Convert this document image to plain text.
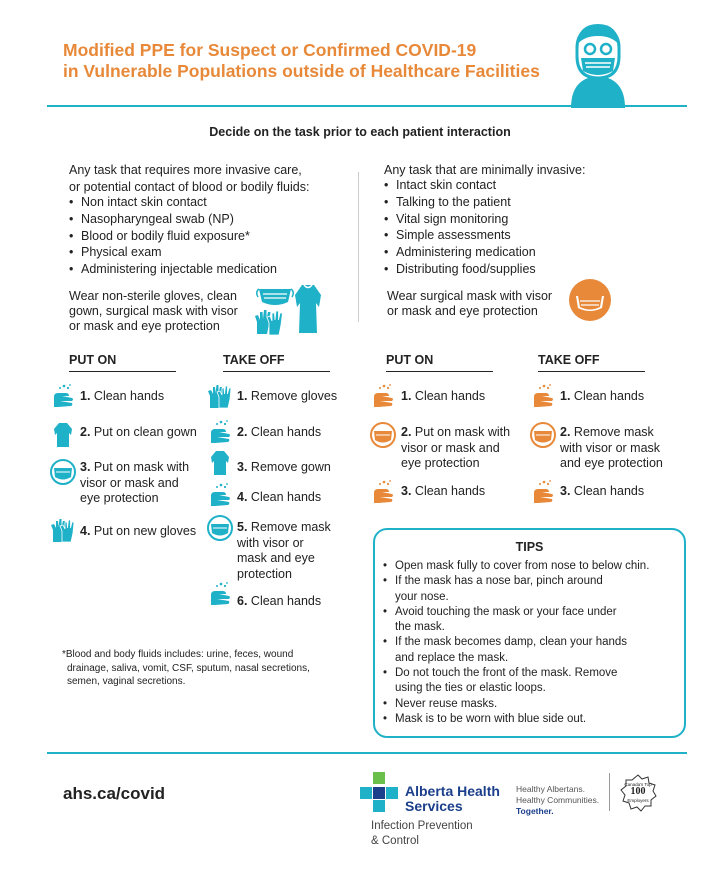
Modified PPE for Suspect or Confirmed COVID-19
in Vulnerable Populations outside of Healthcare Facilities
Decide on the task prior to each patient interaction
Any task that requires more invasive care,
or potential contact of blood or bodily fluids:
• Non intact skin contact
• Nasopharyngeal swab (NP)
• Blood or bodily fluid exposure*
• Physical exam
• Administering injectable medication
Wear non-sterile gloves, clean
gown, surgical mask with visor
or mask and eye protection
PUT ON	TAKE OFF
1. Clean hands
2. Put on clean gown
3. Put on mask with
visor or mask and
eye protection
4. Put on new gloves
1. Remove gloves
2. Clean hands
3. Remove gown
4. Clean hands
5. Remove mask
with visor or
mask and eye
protection
6. Clean hands
Any task that are minimally invasive:
• Intact skin contact
• Talking to the patient
• Vital sign monitoring
• Simple assessments
• Administering medication
• Distributing food/supplies
Wear surgical mask with visor
or mask and eye protection
PUT ON	TAKE OFF
1. Clean hands
2. Put on mask with
visor or mask and
eye protection
3. Clean hands
1. Clean hands
2. Remove mask
with visor or mask
and eye protection
3. Clean hands
TIPS
• Open mask fully to cover from nose to below chin.
• If the mask has a nose bar, pinch around
your nose.
• Avoid touching the mask or your face under
the mask.
• If the mask becomes damp, clean your hands
and replace the mask.
• Do not touch the front of the mask. Remove
using the ties or elastic loops.
• Never reuse masks.
• Mask is to be worn with blue side out.
*Blood and body fluids includes: urine, feces, wound
drainage, saliva, vomit, CSF, sputum, nasal secretions,
semen, vaginal secretions.
ahs.ca/covid	Alberta Health
Services
Infection Prevention
& Control
Healthy Albertans.
Healthy Communities.
Together.
Canada's Top
100
Employers
